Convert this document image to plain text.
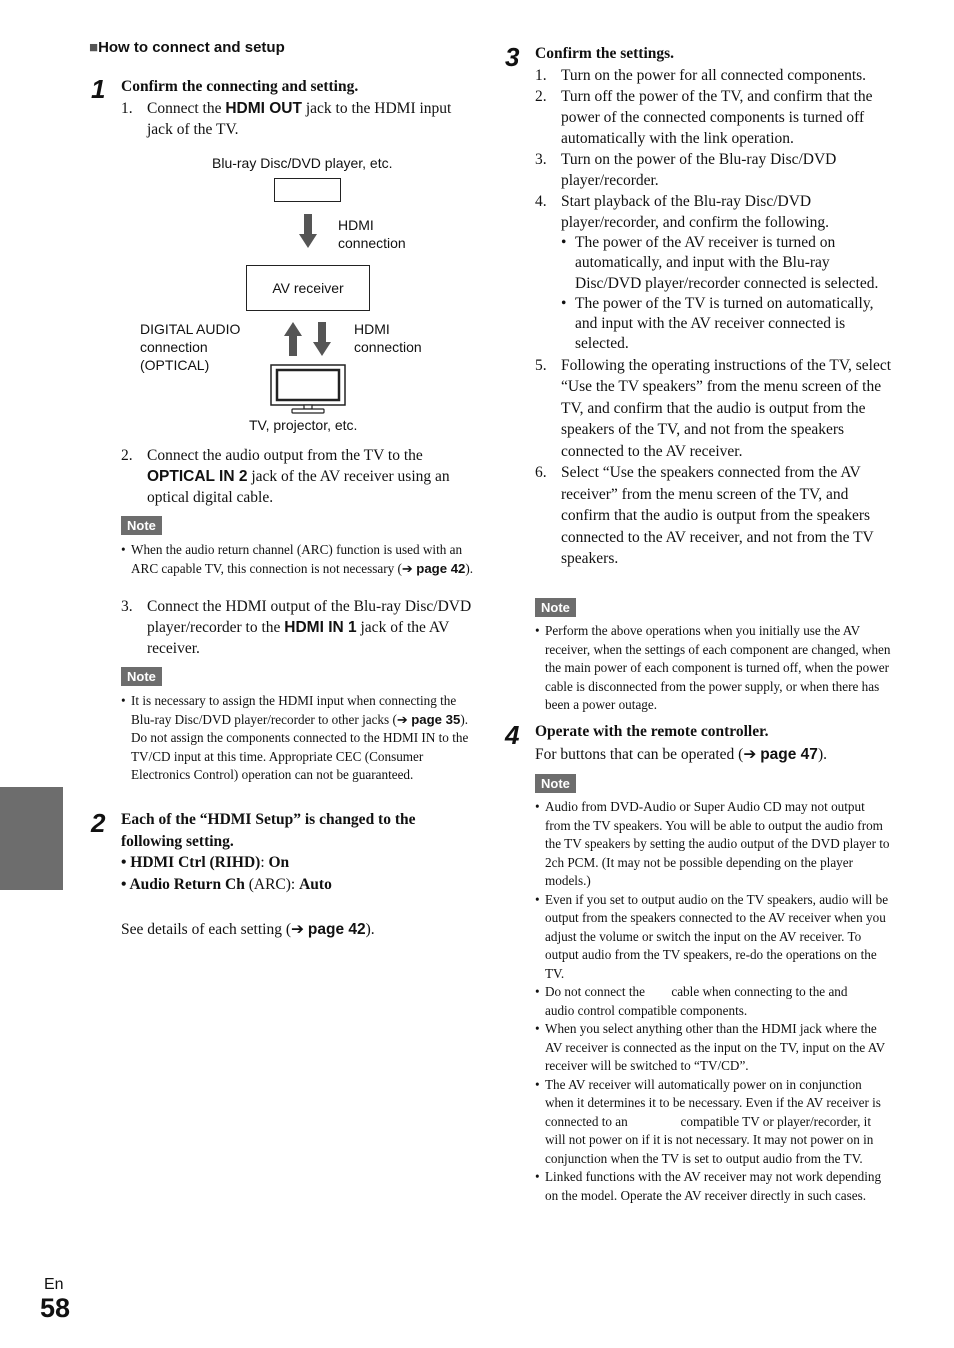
■How to connect and setup
1 Confirm the connecting and setting.
1. Connect the HDMI OUT jack to the HDMI input jack of the TV.
Blu-ray Disc/DVD player, etc.
HDMI
connection
AV receiver
DIGITAL AUDIO
connection
(OPTICAL)
HDMI
connection
TV, projector, etc.
2. Connect the audio output from the TV to the OPTICAL IN 2 jack of the AV receiver using an optical digital cable.
Note
• When the audio return channel (ARC) function is used with an ARC capable TV, this connection is not necessary (➔ page 42).
3. Connect the HDMI output of the Blu-ray Disc/DVD player/recorder to the HDMI IN 1 jack of the AV receiver.
Note
• It is necessary to assign the HDMI input when connecting the Blu-ray Disc/DVD player/recorder to other jacks (➔ page 35). Do not assign the components connected to the HDMI IN to the TV/CD input at this time. Appropriate CEC (Consumer Electronics Control) operation can not be guaranteed.
2 Each of the “HDMI Setup” is changed to the following setting.
• HDMI Ctrl (RIHD): On
• Audio Return Ch (ARC): Auto
See details of each setting (➔ page 42).
3 Confirm the settings.
1. Turn on the power for all connected components.
2. Turn off the power of the TV, and confirm that the power of the connected components is turned off automatically with the link operation.
3. Turn on the power of the Blu-ray Disc/DVD player/recorder.
4. Start playback of the Blu-ray Disc/DVD player/recorder, and confirm the following.
• The power of the AV receiver is turned on automatically, and input with the Blu-ray Disc/DVD player/recorder connected is selected.
• The power of the TV is turned on automatically, and input with the AV receiver connected is selected.
5. Following the operating instructions of the TV, select “Use the TV speakers” from the menu screen of the TV, and confirm that the audio is output from the speakers of the TV, and not from the speakers connected to the AV receiver.
6. Select “Use the speakers connected from the AV receiver” from the menu screen of the TV, and confirm that the audio is output from the speakers connected to the AV receiver, and not from the TV speakers.
Note
• Perform the above operations when you initially use the AV receiver, when the settings of each component are changed, when the main power of each component is turned off, when the power cable is disconnected from the power supply, or when there has been a power outage.
4 Operate with the remote controller.
For buttons that can be operated (➔ page 47).
Note
• Audio from DVD-Audio or Super Audio CD may not output from the TV speakers. You will be able to output the audio from the TV speakers by setting the audio output of the DVD player to 2ch PCM. (It may not be possible depending on the player models.)
• Even if you set to output audio on the TV speakers, audio will be output from the speakers connected to the AV receiver when you adjust the volume or switch the input on the AV receiver. To output audio from the TV speakers, re-do the operations on the TV.
• Do not connect the        cable when connecting to the and        audio control compatible components.
• When you select anything other than the HDMI jack where the AV receiver is connected as the input on the TV, input on the AV receiver will be switched to “TV/CD”.
• The AV receiver will automatically power on in conjunction when it determines it to be necessary. Even if the AV receiver is connected to an                compatible TV or player/recorder, it will not power on if it is not necessary. It may not power on in conjunction when the TV is set to output audio from the TV.
• Linked functions with the AV receiver may not work depending on the model. Operate the AV receiver directly in such cases.
En
58
